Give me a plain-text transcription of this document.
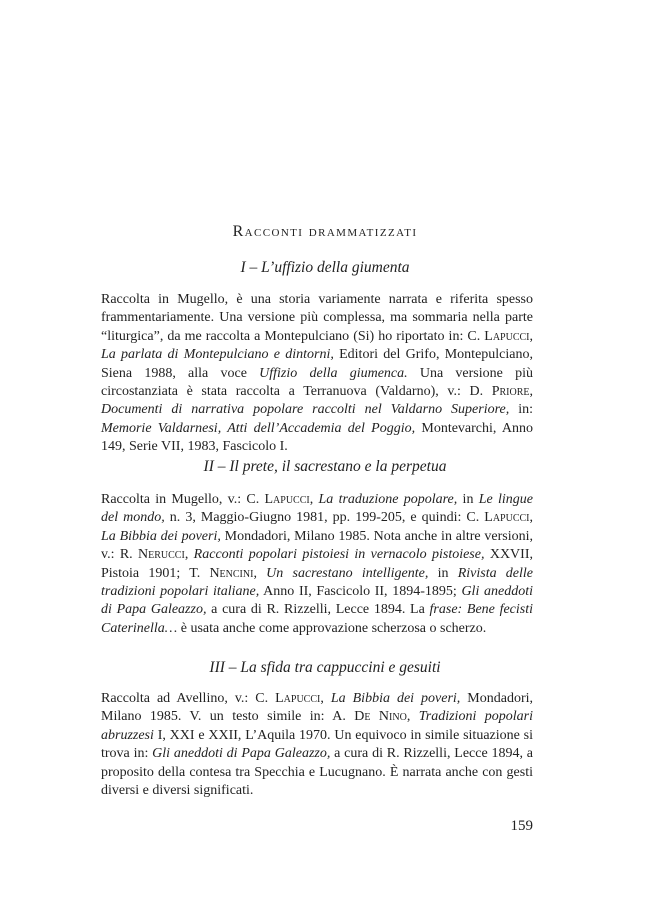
Racconti drammatizzati
I – L’uffizio della giumenta
Raccolta in Mugello, è una storia variamente narrata e riferita spesso frammentariamente. Una versione più complessa, ma sommaria nella parte “liturgica”, da me raccolta a Montepulciano (Si) ho riportato in: C. Lapucci, La parlata di Montepulciano e dintorni, Editori del Grifo, Montepulciano, Siena 1988, alla voce Uffizio della giumenca. Una versione più circostanziata è stata raccolta a Terranuova (Valdarno), v.: D. Priore, Documenti di narrativa popolare raccolti nel Valdarno Superiore, in: Memorie Valdarnesi, Atti dell’Accademia del Poggio, Montevarchi, Anno 149, Serie VII, 1983, Fascicolo I.
II – Il prete, il sacrestano e la perpetua
Raccolta in Mugello, v.: C. Lapucci, La traduzione popolare, in Le lingue del mondo, n. 3, Maggio-Giugno 1981, pp. 199-205, e quindi: C. Lapucci, La Bibbia dei poveri, Mondadori, Milano 1985. Nota anche in altre versioni, v.: R. Nerucci, Racconti popolari pistoiesi in vernacolo pistoiese, XXVII, Pistoia 1901; T. Nencini, Un sacrestano intelligente, in Rivista delle tradizioni popolari italiane, Anno II, Fascicolo II, 1894-1895; Gli aneddoti di Papa Galeazzo, a cura di R. Rizzelli, Lecce 1894. La frase: Bene fecisti Caterinella… è usata anche come approvazione scherzosa o scherzo.
III – La sfida tra cappuccini e gesuiti
Raccolta ad Avellino, v.: C. Lapucci, La Bibbia dei poveri, Mondadori, Milano 1985. V. un testo simile in: A. De Nino, Tradizioni popolari abruzzesi I, XXI e XXII, L’Aquila 1970. Un equivoco in simile situazione si trova in: Gli aneddoti di Papa Galeazzo, a cura di R. Rizzelli, Lecce 1894, a proposito della contesa tra Specchia e Lucugnano. È narrata anche con gesti diversi e diversi significati.
159
